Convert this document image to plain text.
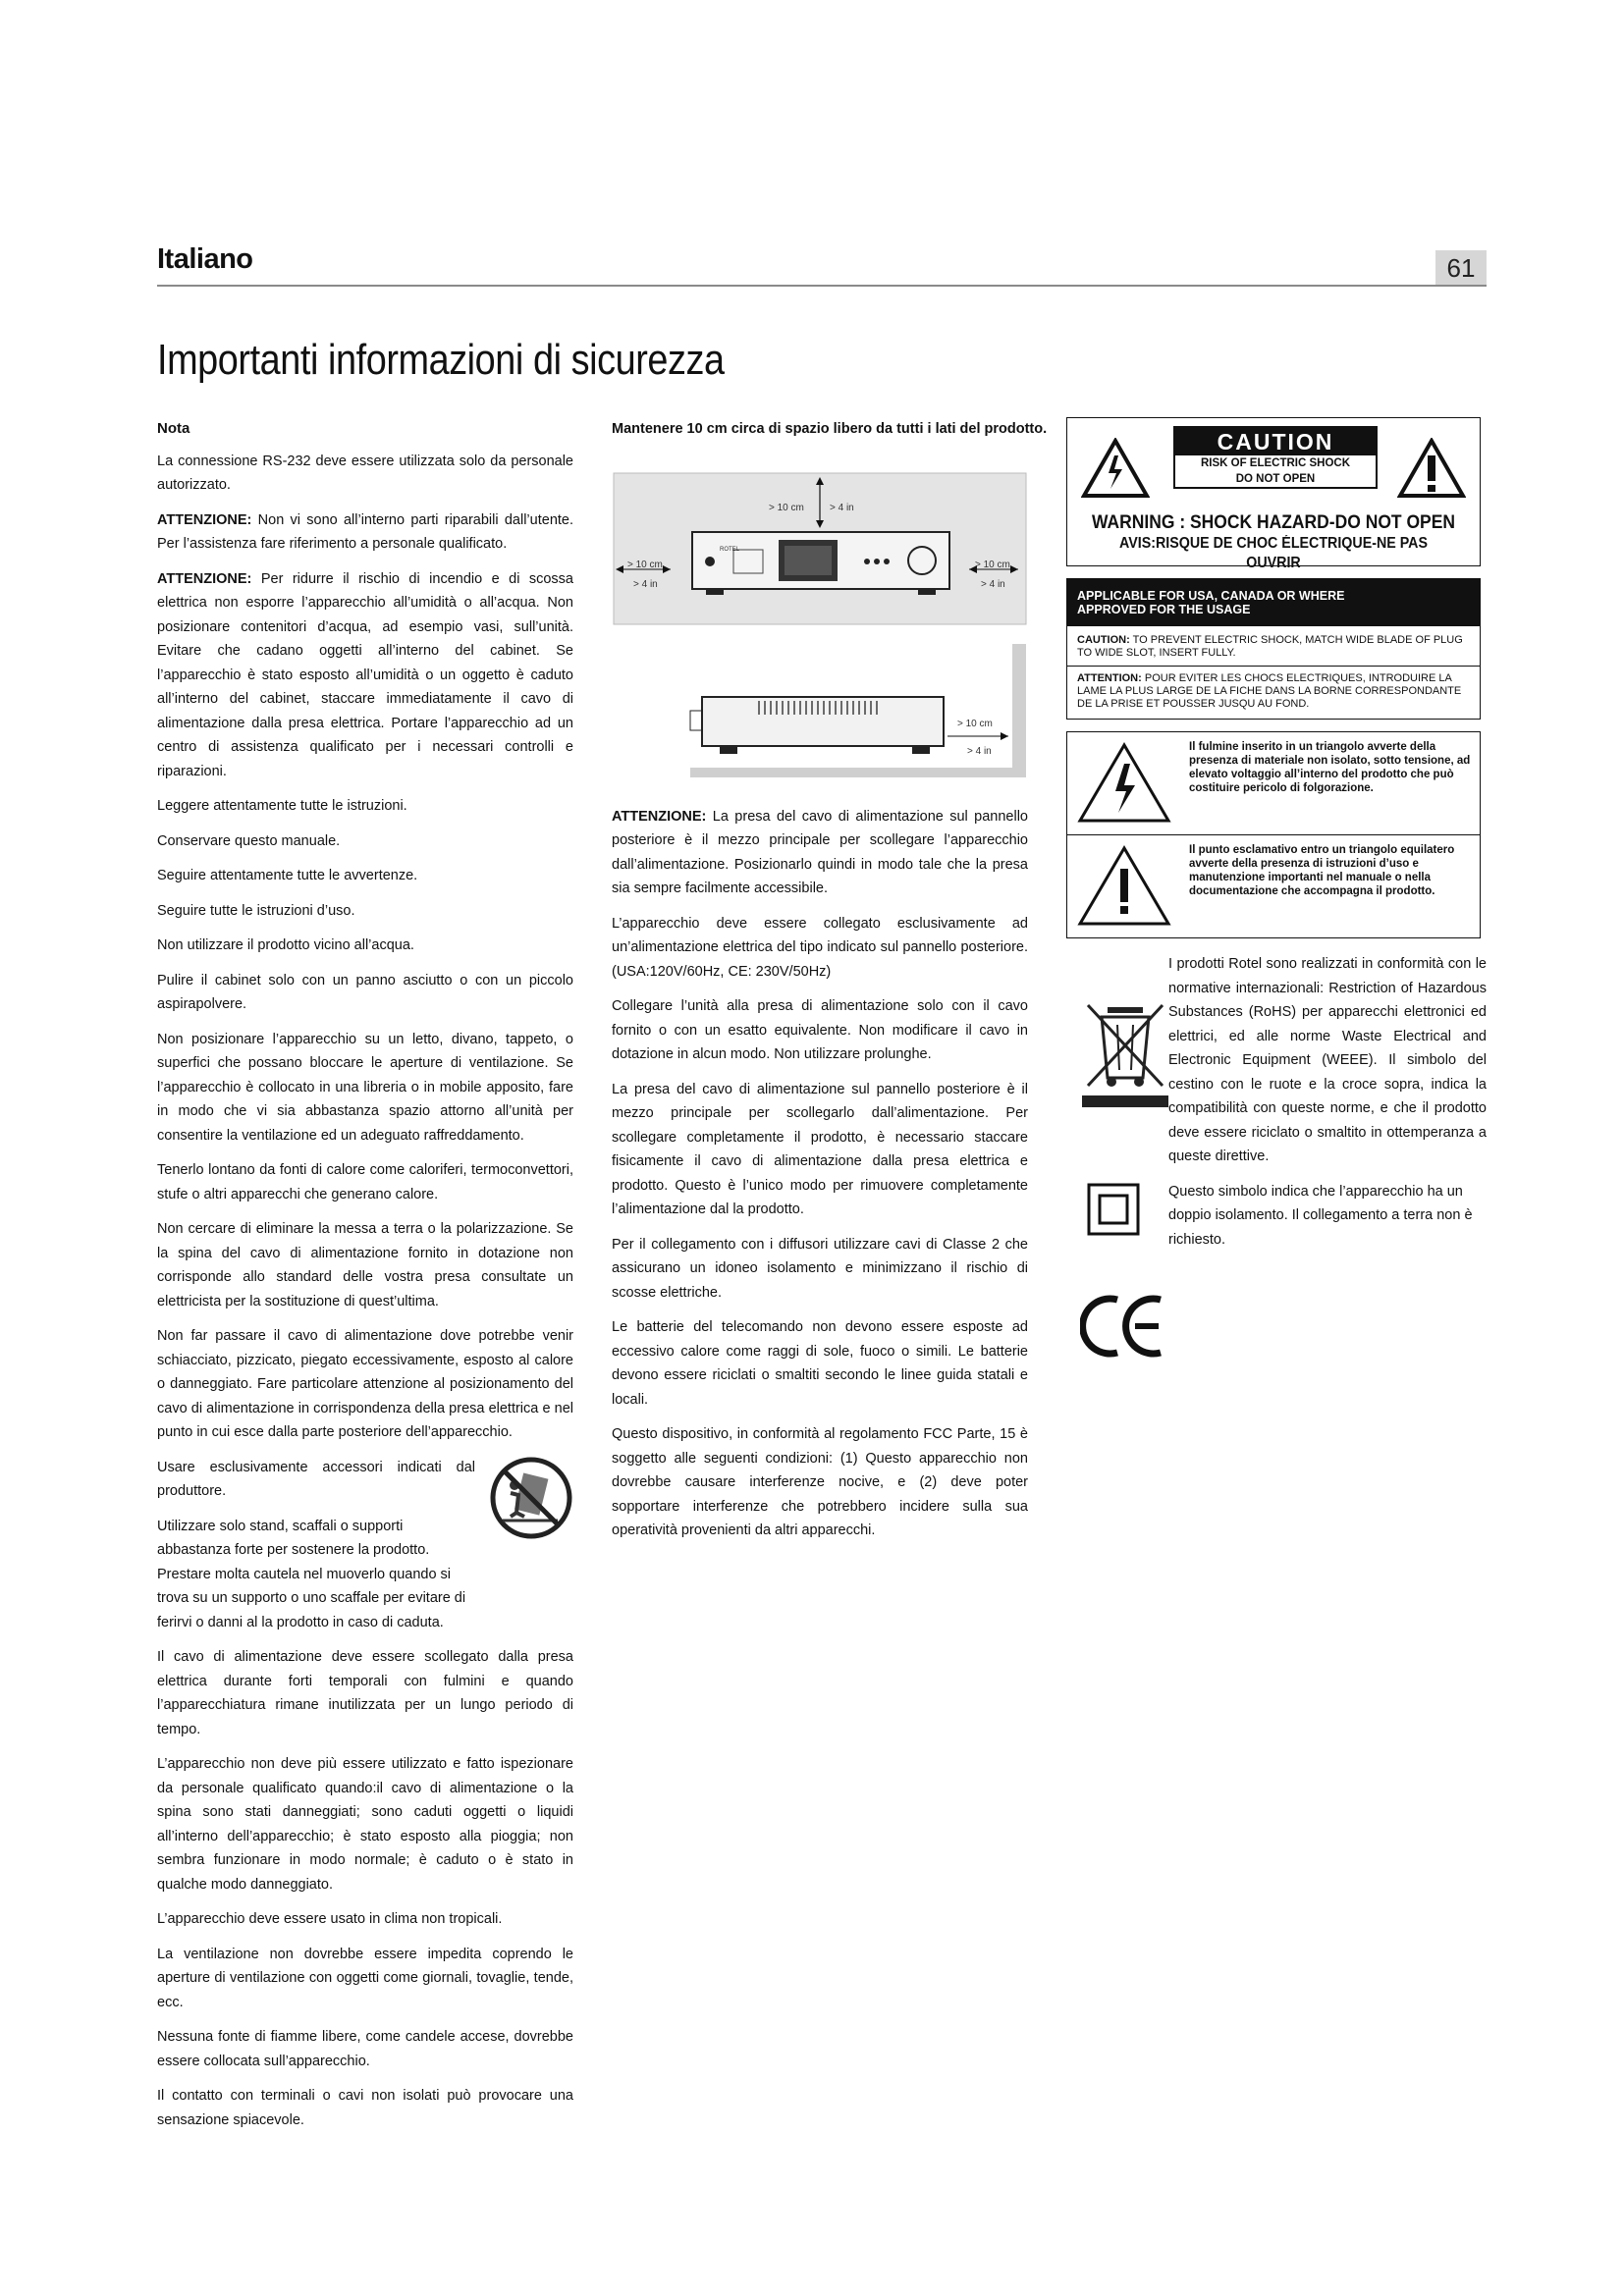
Italiano	61
Importanti informazioni di sicurezza

Nota

La connessione RS-232 deve essere utilizzata solo da personale autorizzato.

ATTENZIONE: Non vi sono all’interno parti riparabili dall’utente. Per l’assistenza fare riferimento a personale qualificato.

ATTENZIONE: Per ridurre il rischio di incendio e di scossa elettrica non esporre l’apparecchio all’umidità o all’acqua. Non posizionare contenitori d’acqua, ad esempio vasi, sull’unità. Evitare che cadano oggetti all’interno del cabinet. Se l’apparecchio è stato esposto all’umidità o un oggetto è caduto all’interno del cabinet, staccare immediatamente il cavo di alimentazione dalla presa elettrica. Portare l’apparecchio ad un centro di assistenza qualificato per i necessari controlli e riparazioni.

Leggere attentamente tutte le istruzioni.

Conservare questo manuale.

Seguire attentamente tutte le avvertenze.

Seguire tutte le istruzioni d’uso.

Non utilizzare il prodotto vicino all’acqua.

Pulire il cabinet solo con un panno asciutto o con un piccolo aspirapolvere.

Non posizionare l’apparecchio su un letto, divano, tappeto, o superfici che possano bloccare le aperture di ventilazione. Se l’apparecchio è collocato in una libreria o in mobile apposito, fare in modo che vi sia abbastanza spazio attorno all’unità per consentire la ventilazione ed un adeguato raffreddamento.

Tenerlo lontano da fonti di calore come caloriferi, termoconvettori, stufe o altri apparecchi che generano calore.

Non cercare di eliminare la messa a terra o la polarizzazione. Se la spina del cavo di alimentazione fornito in dotazione non corrisponde allo standard delle vostra presa consultate un elettricista per la sostituzione di quest’ultima.

Non far passare il cavo di alimentazione dove potrebbe venir schiacciato, pizzicato, piegato eccessivamente, esposto al calore o danneggiato. Fare particolare attenzione al posizionamento del cavo di alimentazione in corrispondenza della presa elettrica e nel punto in cui esce dalla parte posteriore dell’apparecchio.

Usare esclusivamente accessori indicati dal produttore.

Utilizzare solo stand, scaffali o supporti abbastanza forte per sostenere la prodotto. Prestare molta cautela nel muoverlo quando si trova su un supporto o uno scaffale per evitare di ferirvi o danni al la prodotto in caso di caduta.

Il cavo di alimentazione deve essere scollegato dalla presa elettrica durante forti temporali con fulmini e quando l’apparecchiatura rimane inutilizzata per un lungo periodo di tempo.

L’apparecchio non deve più essere utilizzato e fatto ispezionare da personale qualificato quando:il cavo di alimentazione o la spina sono stati danneggiati; sono caduti oggetti o liquidi all’interno dell’apparecchio; è stato esposto alla pioggia; non sembra funzionare in modo normale; è caduto o è stato in qualche modo danneggiato.

L’apparecchio deve essere usato in clima non tropicali.

La ventilazione non dovrebbe essere impedita coprendo le aperture di ventilazione con oggetti come giornali, tovaglie, tende, ecc.

Nessuna fonte di fiamme libere, come candele accese, dovrebbe essere collocata sull’apparecchio.

Il contatto con terminali o cavi non isolati può provocare una sensazione spiacevole.

Mantenere 10 cm circa di spazio libero da tutti i lati del prodotto.

> 10 cm	> 4 in
> 10 cm
> 4 in
> 10 cm
> 4 in
ROTEL
> 10 cm
> 4 in

ATTENZIONE: La presa del cavo di alimentazione sul pannello posteriore è il mezzo principale per scollegare l’apparecchio dall’alimentazione. Posizionarlo quindi in modo tale che la presa sia sempre facilmente accessibile.

L’apparecchio deve essere collegato esclusivamente ad un’alimentazione elettrica del tipo indicato sul pannello posteriore. (USA:120V/60Hz, CE: 230V/50Hz)

Collegare l’unità alla presa di alimentazione solo con il cavo fornito o con un esatto equivalente. Non modificare il cavo in dotazione in alcun modo. Non utilizzare prolunghe.

La presa del cavo di alimentazione sul pannello posteriore è il mezzo principale per scollegarlo dall’alimentazione. Per scollegare completamente il prodotto, è necessario staccare fisicamente il cavo di alimentazione dalla presa elettrica e prodotto. Questo è l’unico modo per rimuovere completamente l’alimentazione dal la prodotto.

Per il collegamento con i diffusori utilizzare cavi di Classe 2 che assicurano un idoneo isolamento e minimizzano il rischio di scosse elettriche.

Le batterie del telecomando non devono essere esposte ad eccessivo calore come raggi di sole, fuoco o simili. Le batterie devono essere riciclati o smaltiti secondo le linee guida statali e locali.

Questo dispositivo, in conformità al regolamento FCC Parte, 15 è soggetto alle seguenti condizioni: (1) Questo apparecchio non dovrebbe causare interferenze nocive, e (2) deve poter sopportare interferenze che potrebbero incidere sulla sua operatività provenienti da altri apparecchi.

CAUTION
RISK OF ELECTRIC SHOCK
DO NOT OPEN
WARNING : SHOCK HAZARD-DO NOT OPEN
AVIS:RISQUE DE CHOC ÉLECTRIQUE-NE PAS OUVRIR
APPLICABLE FOR USA, CANADA OR WHERE
APPROVED FOR THE USAGE
CAUTION: TO PREVENT ELECTRIC SHOCK, MATCH WIDE BLADE OF PLUG TO WIDE SLOT, INSERT FULLY.
ATTENTION: POUR EVITER LES CHOCS ELECTRIQUES, INTRODUIRE LA LAME LA PLUS LARGE DE LA FICHE DANS LA BORNE CORRESPONDANTE DE LA PRISE ET POUSSER JUSQU AU FOND.
Il fulmine inserito in un triangolo avverte della presenza di materiale non isolato, sotto tensione, ad elevato voltaggio all’interno del prodotto che può costituire pericolo di folgorazione.
Il punto esclamativo entro un triangolo equilatero avverte della presenza di istruzioni d’uso e manutenzione importanti nel manuale o nella documentazione che accompagna il prodotto.

I prodotti Rotel sono realizzati in conformità con le normative internazionali: Restriction of Hazardous Substances (RoHS) per apparecchi elettronici ed elettrici, ed alle norme Waste Electrical and Electronic Equipment (WEEE). Il simbolo del cestino con le ruote e la croce sopra, indica la compatibilità con queste norme, e che il prodotto deve essere riciclato o smaltito in ottemperanza a queste direttive.

Questo simbolo indica che l’apparecchio ha un doppio isolamento. Il collegamento a terra non è richiesto.
